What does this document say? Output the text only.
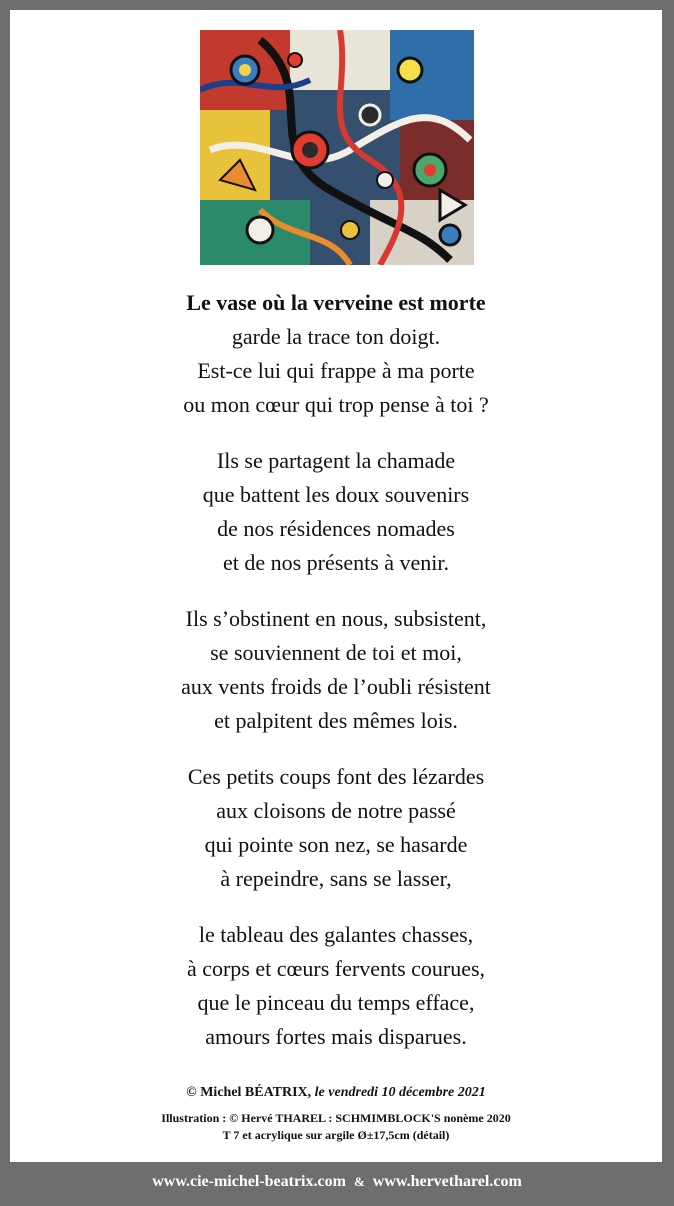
Le vase où la verveine est morte
garde la trace ton doigt.
Est-ce lui qui frappe à ma porte
ou mon cœur qui trop pense à toi ?
Ils se partagent la chamade
que battent les doux souvenirs
de nos résidences nomades
et de nos présents à venir.
Ils s’obstinent en nous, subsistent,
se souviennent de toi et moi,
aux vents froids de l’oubli résistent
et palpitent des mêmes lois.
Ces petits coups font des lézardes
aux cloisons de notre passé
qui pointe son nez, se hasarde
à repeindre, sans se lasser,
le tableau des galantes chasses,
à corps et cœurs fervents courues,
que le pinceau du temps efface,
amours fortes mais disparues.
© Michel BÉATRIX, le vendredi 10 décembre 2021
Illustration : © Hervé THAREL : SCHMIMBLOCK'S nonème 2020
T 7 et acrylique sur argile Ø±17,5cm (détail)
www.cie-michel-beatrix.com & www.hervetharel.com
